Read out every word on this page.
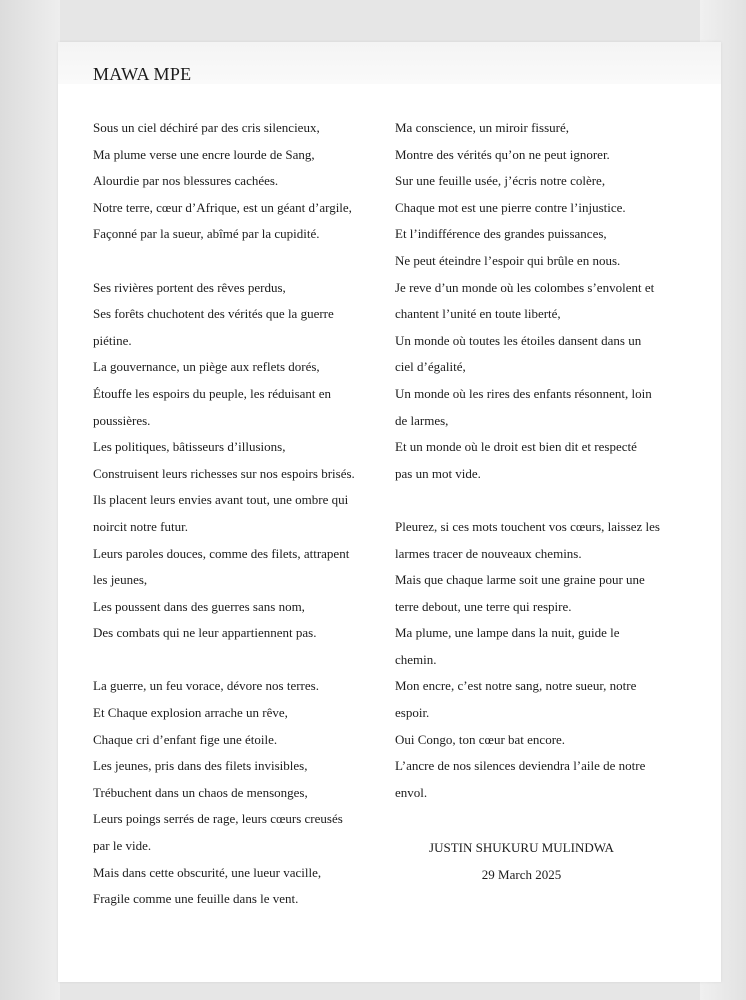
MAWA MPE
Sous un ciel déchiré par des cris silencieux,
Ma plume verse une encre lourde de Sang,
Alourdie par nos blessures cachées.
Notre terre, cœur d’Afrique, est un géant d’argile,
Façonné par la sueur, abîmé par la cupidité.
Ses rivières portent des rêves perdus,
Ses forêts chuchotent des vérités que la guerre
piétine.
La gouvernance, un piège aux reflets dorés,
Étouffe les espoirs du peuple, les réduisant en
poussières.
Les politiques, bâtisseurs d’illusions,
Construisent leurs richesses sur nos espoirs brisés.
Ils placent leurs envies avant tout, une ombre qui
noircit notre futur.
Leurs paroles douces, comme des filets, attrapent
les jeunes,
Les poussent dans des guerres sans nom,
Des combats qui ne leur appartiennent pas.
La guerre, un feu vorace, dévore nos terres.
Et Chaque explosion arrache un rêve,
Chaque cri d’enfant fige une étoile.
Les jeunes, pris dans des filets invisibles,
Trébuchent dans un chaos de mensonges,
Leurs poings serrés de rage, leurs cœurs creusés
par le vide.
Mais dans cette obscurité, une lueur vacille,
Fragile comme une feuille dans le vent.
Ma conscience, un miroir fissuré,
Montre des vérités qu’on ne peut ignorer.
Sur une feuille usée, j’écris notre colère,
Chaque mot est une pierre contre l’injustice.
Et l’indifférence des grandes puissances,
Ne peut éteindre l’espoir qui brûle en nous.
Je reve d’un monde où les colombes s’envolent et
chantent l’unité en toute liberté,
Un monde où toutes les étoiles dansent dans un
ciel d’égalité,
Un monde où les rires des enfants résonnent, loin
de larmes,
Et un monde où le droit est bien dit et respecté
pas un mot vide.
Pleurez, si ces mots touchent vos cœurs, laissez les
larmes tracer de nouveaux chemins.
Mais que chaque larme soit une graine pour une
terre debout, une terre qui respire.
Ma plume, une lampe dans la nuit, guide le
chemin.
Mon encre, c’est notre sang, notre sueur, notre
espoir.
Oui Congo, ton cœur bat encore.
L’ancre de nos silences deviendra l’aile de notre
envol.
JUSTIN SHUKURU MULINDWA
29 March 2025
